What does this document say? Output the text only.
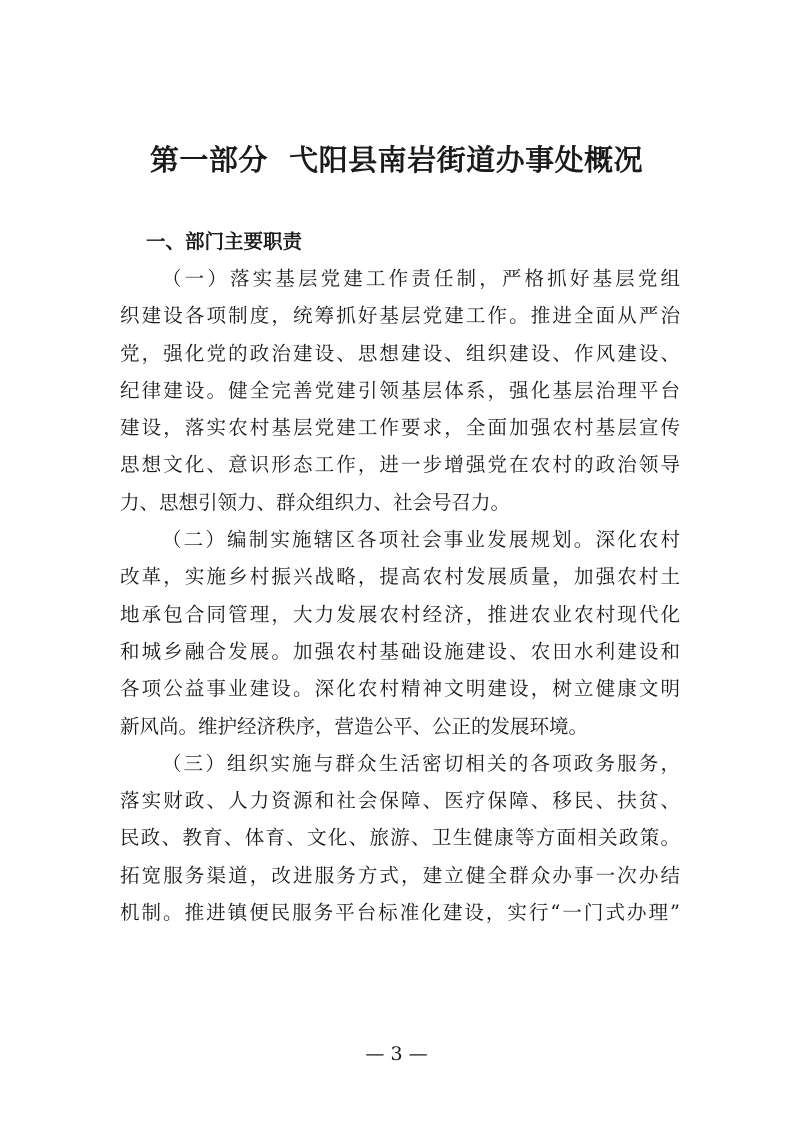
第一部分  弋阳县南岩街道办事处概况
一、部门主要职责
（一）落实基层党建工作责任制，严格抓好基层党组
织建设各项制度，统筹抓好基层党建工作。推进全面从严治
党，强化党的政治建设、思想建设、组织建设、作风建设、
纪律建设。健全完善党建引领基层体系，强化基层治理平台
建设，落实农村基层党建工作要求，全面加强农村基层宣传
思想文化、意识形态工作，进一步增强党在农村的政治领导
力、思想引领力、群众组织力、社会号召力。
（二）编制实施辖区各项社会事业发展规划。深化农村
改革，实施乡村振兴战略，提高农村发展质量，加强农村土
地承包合同管理，大力发展农村经济，推进农业农村现代化
和城乡融合发展。加强农村基础设施建设、农田水利建设和
各项公益事业建设。深化农村精神文明建设，树立健康文明
新风尚。维护经济秩序，营造公平、公正的发展环境。
（三）组织实施与群众生活密切相关的各项政务服务，
落实财政、人力资源和社会保障、医疗保障、移民、扶贫、
民政、教育、体育、文化、旅游、卫生健康等方面相关政策。
拓宽服务渠道，改进服务方式，建立健全群众办事一次办结
机制。推进镇便民服务平台标准化建设，实行“一门式办理”
— 3 —
